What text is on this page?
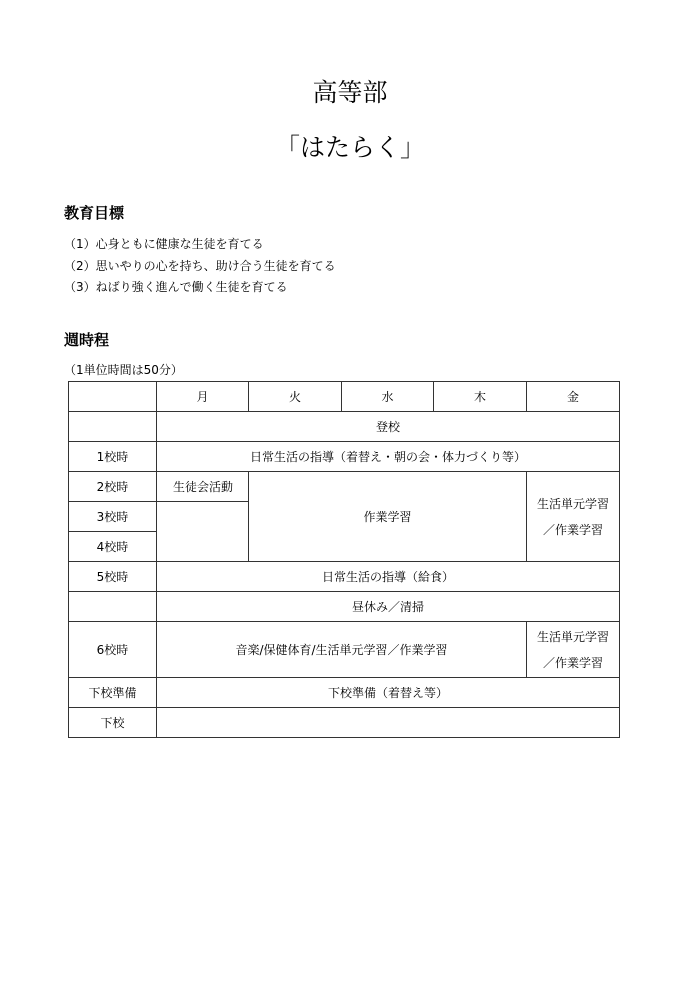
高等部
「はたらく」
教育目標
（1）心身ともに健康な生徒を育てる
（2）思いやりの心を持ち、助け合う生徒を育てる
（3）ねばり強く進んで働く生徒を育てる
週時程
（1単位時間は50分）
	月	火	水	木	金
	登校				
1校時	日常生活の指導（着替え・朝の会・体力づくり等）				
2校時	生徒会活動	作業学習			生活単元学習
／作業学習

3校時					
4校時					
5校時	日常生活の指導（給食）				
	昼休み／清掃				
6校時	音楽/保健体育/生活単元学習／作業学習				生活単元学習
／作業学習

下校準備	下校準備（着替え等）				
下校					
